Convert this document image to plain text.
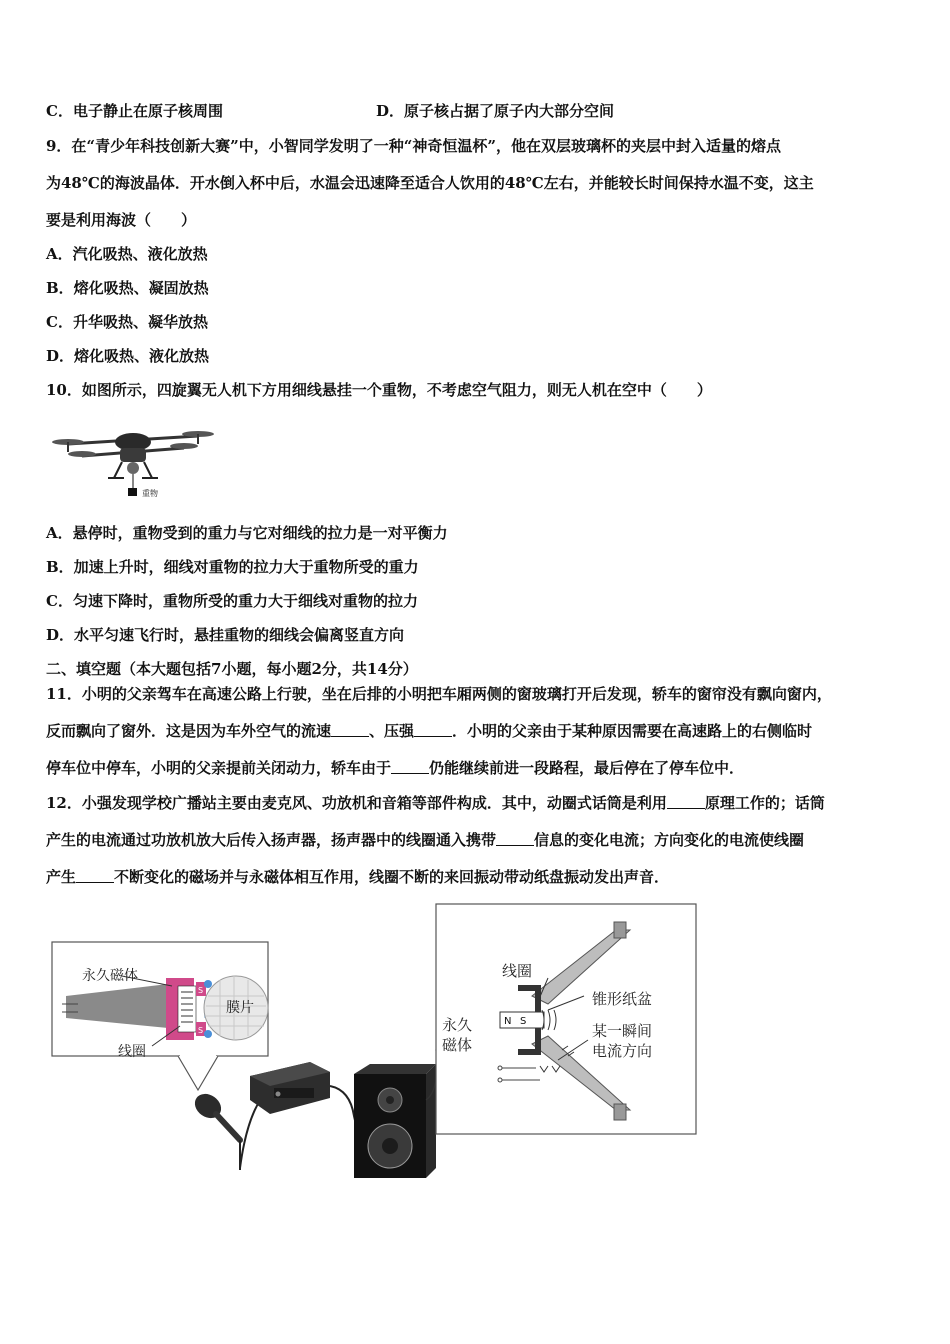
C．电子静止在原子核周围	D．原子核占据了原子内大部分空间
9．在“青少年科技创新大赛”中，小智同学发明了一种“神奇恒温杯”，他在双层玻璃杯的夹层中封入适量的熔点
为48℃的海波晶体．开水倒入杯中后，水温会迅速降至适合人饮用的48℃左右，并能较长时间保持水温不变，这主
要是利用海波（　　）
A．汽化吸热、液化放热
B．熔化吸热、凝固放热
C．升华吸热、凝华放热
D．熔化吸热、液化放热
10．如图所示，四旋翼无人机下方用细线悬挂一个重物，不考虑空气阻力，则无人机在空中（　　）
重物
A．悬停时，重物受到的重力与它对细线的拉力是一对平衡力
B．加速上升时，细线对重物的拉力大于重物所受的重力
C．匀速下降时，重物所受的重力大于细线对重物的拉力
D．水平匀速飞行时，悬挂重物的细线会偏离竖直方向
二、填空题（本大题包括7小题，每小题2分，共14分）
11．小明的父亲驾车在高速公路上行驶，坐在后排的小明把车厢两侧的窗玻璃打开后发现，轿车的窗帘没有飘向窗内，
反而飘向了窗外．这是因为车外空气的流速	、压强	．小明的父亲由于某种原因需要在高速路上的右侧临时
停车位中停车，小明的父亲提前关闭动力，轿车由于	仍能继续前进一段路程，最后停在了停车位中．
12．小强发现学校广播站主要由麦克风、功放机和音箱等部件构成．其中，动圈式话筒是利用	原理工作的；话筒
产生的电流通过功放机放大后传入扬声器，扬声器中的线圈通入携带	信息的变化电流；方向变化的电流使线圈
产生	不断变化的磁场并与永磁体相互作用，线圈不断的来回振动带动纸盘振动发出声音．
S
S
永久磁体
线圈
膜片
N S
线圈
锥形纸盆
永久
磁体
某一瞬间
电流方向
